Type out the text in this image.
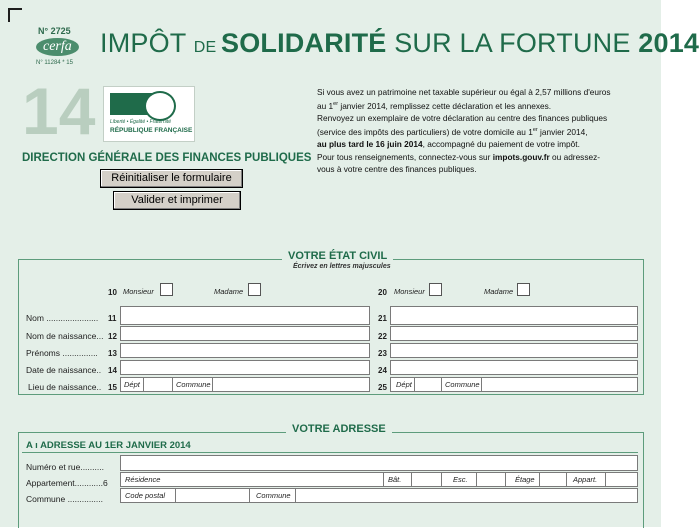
N° 2725
cerfa
N° 11284 * 15
IMPÔT DE SOLIDARITÉ SUR LA FORTUNE 2014
14	Liberté • Égalité • Fraternité
RÉPUBLIQUE FRANÇAISE
DIRECTION GÉNÉRALE DES FINANCES PUBLIQUES
Réinitialiser le formulaire
Valider et imprimer
Si vous avez un patrimoine net taxable supérieur ou égal à 2,57 millions d'euros
au 1er janvier 2014, remplissez cette déclaration et les annexes.
Renvoyez un exemplaire de votre déclaration au centre des finances publiques
(service des impôts des particuliers) de votre domicile au 1er janvier 2014,
au plus tard le 16 juin 2014, accompagné du paiement de votre impôt.
Pour tous renseignements, connectez-vous sur impots.gouv.fr ou adressez-
vous à votre centre des finances publiques.
VOTRE ÉTAT CIVIL
Écrivez en lettres majuscules
10 Monsieur	Madame	20 Monsieur	Madame
Nom ...................... 11	21
Nom de naissance... 12	22
Prénoms ............... 13	23
Date de naissance.. 14	24
Lieu de naissance.. 15 Dépt	Commune	25 Dépt	Commune
VOTRE ADRESSE
A ı ADRESSE AU 1ER JANVIER 2014
Numéro et rue..........
Appartement............6 Résidence	Bât.	Esc.	Étage	Appart.
Commune ...............	Code postal	Commune
